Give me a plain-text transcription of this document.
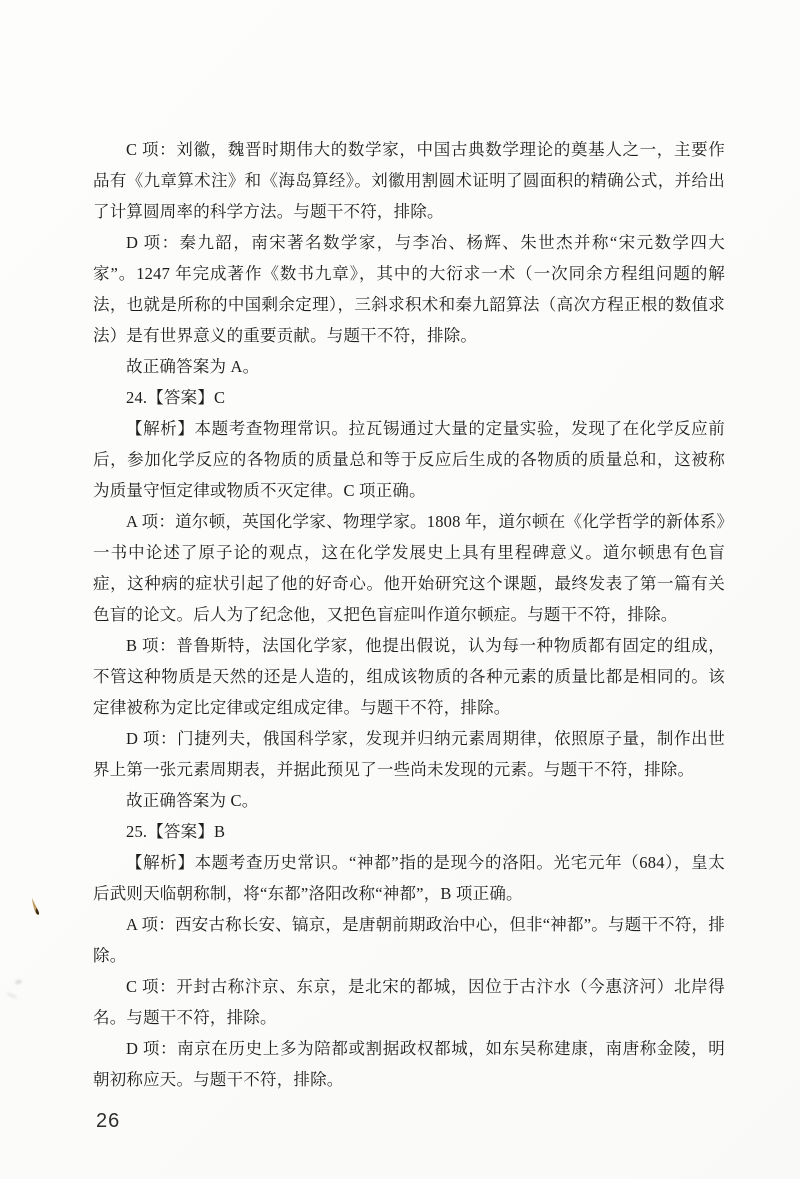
C 项：刘徽，魏晋时期伟大的数学家，中国古典数学理论的奠基人之一，主要作品有《九章算术注》和《海岛算经》。刘徽用割圆术证明了圆面积的精确公式，并给出了计算圆周率的科学方法。与题干不符，排除。

D 项：秦九韶，南宋著名数学家，与李冶、杨辉、朱世杰并称“宋元数学四大家”。1247 年完成著作《数书九章》，其中的大衍求一术（一次同余方程组问题的解法，也就是所称的中国剩余定理），三斜求积术和秦九韶算法（高次方程正根的数值求法）是有世界意义的重要贡献。与题干不符，排除。

故正确答案为 A。

24.【答案】C

【解析】本题考查物理常识。拉瓦锡通过大量的定量实验，发现了在化学反应前后，参加化学反应的各物质的质量总和等于反应后生成的各物质的质量总和，这被称为质量守恒定律或物质不灭定律。C 项正确。

A 项：道尔顿，英国化学家、物理学家。1808 年，道尔顿在《化学哲学的新体系》一书中论述了原子论的观点，这在化学发展史上具有里程碑意义。道尔顿患有色盲症，这种病的症状引起了他的好奇心。他开始研究这个课题，最终发表了第一篇有关色盲的论文。后人为了纪念他，又把色盲症叫作道尔顿症。与题干不符，排除。

B 项：普鲁斯特，法国化学家，他提出假说，认为每一种物质都有固定的组成，不管这种物质是天然的还是人造的，组成该物质的各种元素的质量比都是相同的。该定律被称为定比定律或定组成定律。与题干不符，排除。

D 项：门捷列夫，俄国科学家，发现并归纳元素周期律，依照原子量，制作出世界上第一张元素周期表，并据此预见了一些尚未发现的元素。与题干不符，排除。

故正确答案为 C。

25.【答案】B

【解析】本题考查历史常识。“神都”指的是现今的洛阳。光宅元年（684），皇太后武则天临朝称制，将“东都”洛阳改称“神都”，B 项正确。

A 项：西安古称长安、镐京，是唐朝前期政治中心，但非“神都”。与题干不符，排除。

C 项：开封古称汴京、东京，是北宋的都城，因位于古汴水（今惠济河）北岸得名。与题干不符，排除。

D 项：南京在历史上多为陪都或割据政权都城，如东吴称建康，南唐称金陵，明朝初称应天。与题干不符，排除。

26
